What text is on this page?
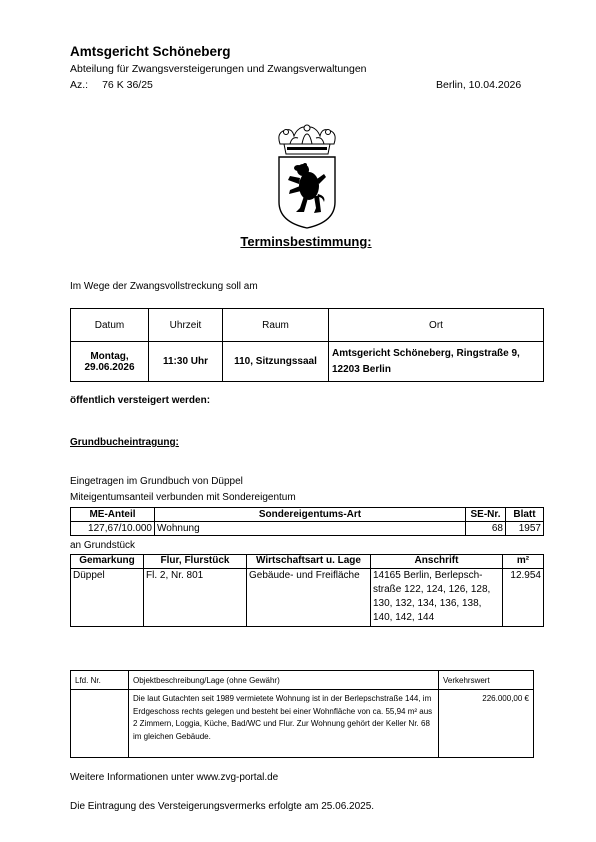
Amtsgericht Schöneberg
Abteilung für Zwangsversteigerungen und Zwangsverwaltungen
Az.: 76 K 36/25	Berlin, 10.04.2026
Terminsbestimmung:
Im Wege der Zwangsvollstreckung soll am
Datum	Uhrzeit	Raum	Ort
Montag, 29.06.2026	11:30 Uhr	110, Sitzungssaal	Amtsgericht Schöneberg, Ringstraße 9, 12203 Berlin
öffentlich versteigert werden:
Grundbucheintragung:
Eingetragen im Grundbuch von Düppel
Miteigentumsanteil verbunden mit Sondereigentum
ME-Anteil	Sondereigentums-Art	SE-Nr.	Blatt
127,67/10.000	Wohnung	68	1957
an Grundstück
Gemarkung	Flur, Flurstück	Wirtschaftsart u. Lage	Anschrift	m²
Düppel	Fl. 2, Nr. 801	Gebäude- und Freifläche	14165 Berlin, Berlepsch-straße 122, 124, 126, 128, 130, 132, 134, 136, 138, 140, 142, 144	12.954
Lfd. Nr.	Objektbeschreibung/Lage (ohne Gewähr)	Verkehrswert
	Die laut Gutachten seit 1989 vermietete Wohnung ist in der Berlepschstraße 144, im Erdgeschoss rechts gelegen und besteht bei einer Wohnfläche von ca. 55,94 m² aus 2 Zimmern, Loggia, Küche, Bad/WC und Flur. Zur Wohnung gehört der Keller Nr. 68 im gleichen Gebäude.	226.000,00 €
Weitere Informationen unter www.zvg-portal.de
Die Eintragung des Versteigerungsvermerks erfolgte am 25.06.2025.
